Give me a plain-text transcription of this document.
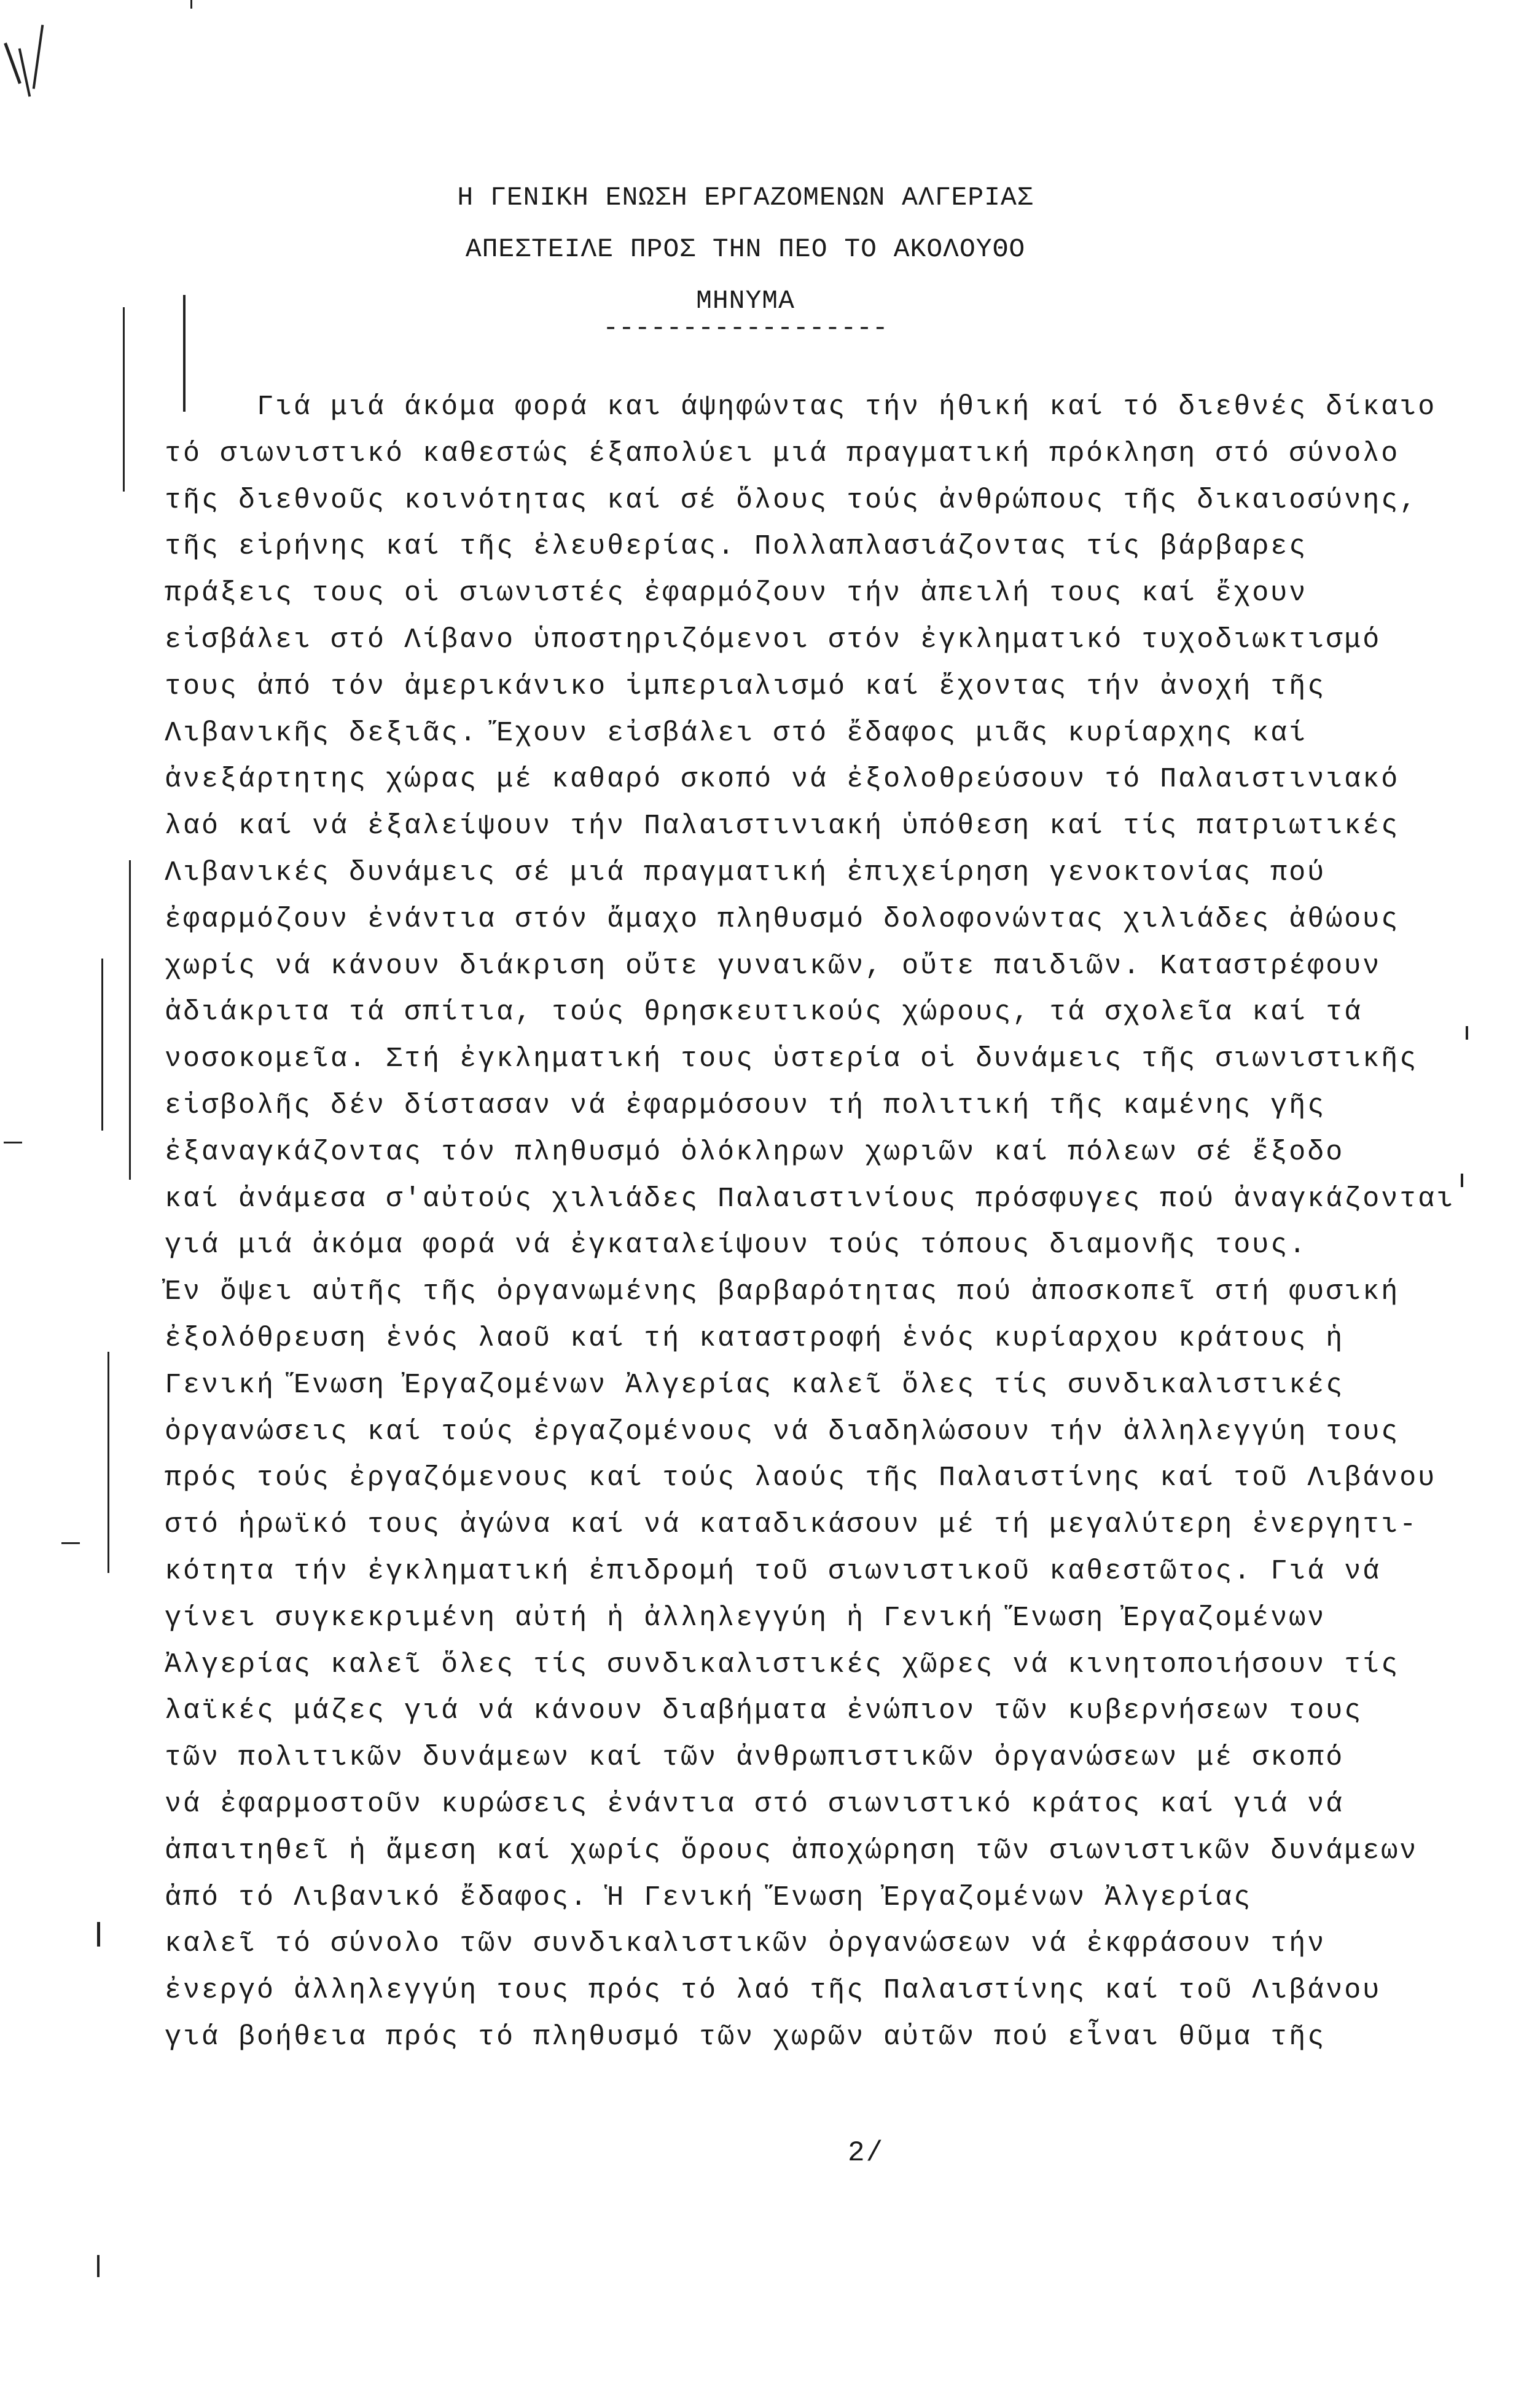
Η ΓΕΝΙΚΗ ΕΝΩΣΗ ΕΡΓΑΖΟΜΕΝΩΝ ΑΛΓΕΡΙΑΣ
ΑΠΕΣΤΕΙΛΕ ΠΡΟΣ ΤΗΝ ΠΕΟ ΤΟ ΑΚΟΛΟΥΘΟ
ΜΗΝΥΜΑ
------------------
Γιά μιά άκόμα φορά και άψηφώντας τήν ήθική καί τό διεθνές δίκαιο
τό σιωνιστικό καθεστώς έξαπολύει μιά πραγματική πρόκληση στό σύνολο
τῆς διεθνοῦς κοινότητας καί σέ ὅλους τούς ἀνθρώπους τῆς δικαιοσύνης,
τῆς εἰρήνης καί τῆς ἐλευθερίας. Πολλαπλασιάζοντας τίς βάρβαρες
πράξεις τους οἱ σιωνιστές ἐφαρμόζουν τήν ἀπειλή τους καί ἔχουν
εἰσβάλει στό Λίβανο ὑποστηριζόμενοι στόν ἐγκληματικό τυχοδιωκτισμό
τους ἀπό τόν ἀμερικάνικο ἰμπεριαλισμό καί ἔχοντας τήν ἀνοχή τῆς
Λιβανικῆς δεξιᾶς. Ἔχουν εἰσβάλει στό ἔδαφος μιᾶς κυρίαρχης καί
ἀνεξάρτητης χώρας μέ καθαρό σκοπό νά ἐξολοθρεύσουν τό Παλαιστινιακό
λαό καί νά ἐξαλείψουν τήν Παλαιστινιακή ὑπόθεση καί τίς πατριωτικές
Λιβανικές δυνάμεις σέ μιά πραγματική ἐπιχείρηση γενοκτονίας πού
ἐφαρμόζουν ἐνάντια στόν ἄμαχο πληθυσμό δολοφονώντας χιλιάδες ἀθώους
χωρίς νά κάνουν διάκριση οὔτε γυναικῶν, οὔτε παιδιῶν. Καταστρέφουν
ἀδιάκριτα τά σπίτια, τούς θρησκευτικούς χώρους, τά σχολεῖα καί τά
νοσοκομεῖα. Στή ἐγκληματική τους ὑστερία οἱ δυνάμεις τῆς σιωνιστικῆς
εἰσβολῆς δέν δίστασαν νά ἐφαρμόσουν τή πολιτική τῆς καμένης γῆς
ἐξαναγκάζοντας τόν πληθυσμό ὁλόκληρων χωριῶν καί πόλεων σέ ἔξοδο
καί ἀνάμεσα σ'αὐτούς χιλιάδες Παλαιστινίους πρόσφυγες πού ἀναγκάζονται
γιά μιά ἀκόμα φορά νά ἐγκαταλείψουν τούς τόπους διαμονῆς τους.
Ἐν ὄψει αὐτῆς τῆς ὀργανωμένης βαρβαρότητας πού ἀποσκοπεῖ στή φυσική
ἐξολόθρευση ἑνός λαοῦ καί τή καταστροφή ἑνός κυρίαρχου κράτους ἡ
Γενική Ἕνωση Ἐργαζομένων Ἀλγερίας καλεῖ ὅλες τίς συνδικαλιστικές
ὀργανώσεις καί τούς ἐργαζομένους νά διαδηλώσουν τήν ἀλληλεγγύη τους
πρός τούς ἐργαζόμενους καί τούς λαούς τῆς Παλαιστίνης καί τοῦ Λιβάνου
στό ἡρωϊκό τους ἀγώνα καί νά καταδικάσουν μέ τή μεγαλύτερη ἐνεργητι-
κότητα τήν ἐγκληματική ἐπιδρομή τοῦ σιωνιστικοῦ καθεστῶτος. Γιά νά
γίνει συγκεκριμένη αὐτή ἡ ἀλληλεγγύη ἡ Γενική Ἕνωση Ἐργαζομένων
Ἀλγερίας καλεῖ ὅλες τίς συνδικαλιστικές χῶρες νά κινητοποιήσουν τίς
λαϊκές μάζες γιά νά κάνουν διαβήματα ἐνώπιον τῶν κυβερνήσεων τους
τῶν πολιτικῶν δυνάμεων καί τῶν ἀνθρωπιστικῶν ὀργανώσεων μέ σκοπό
νά ἐφαρμοστοῦν κυρώσεις ἐνάντια στό σιωνιστικό κράτος καί γιά νά
ἀπαιτηθεῖ ἡ ἄμεση καί χωρίς ὅρους ἀποχώρηση τῶν σιωνιστικῶν δυνάμεων
ἀπό τό Λιβανικό ἔδαφος. Ἡ Γενική Ἕνωση Ἐργαζομένων Ἀλγερίας
καλεῖ τό σύνολο τῶν συνδικαλιστικῶν ὀργανώσεων νά ἐκφράσουν τήν
ἐνεργό ἀλληλεγγύη τους πρός τό λαό τῆς Παλαιστίνης καί τοῦ Λιβάνου
γιά βοήθεια πρός τό πληθυσμό τῶν χωρῶν αὐτῶν πού εἶναι θῦμα τῆς
2/
